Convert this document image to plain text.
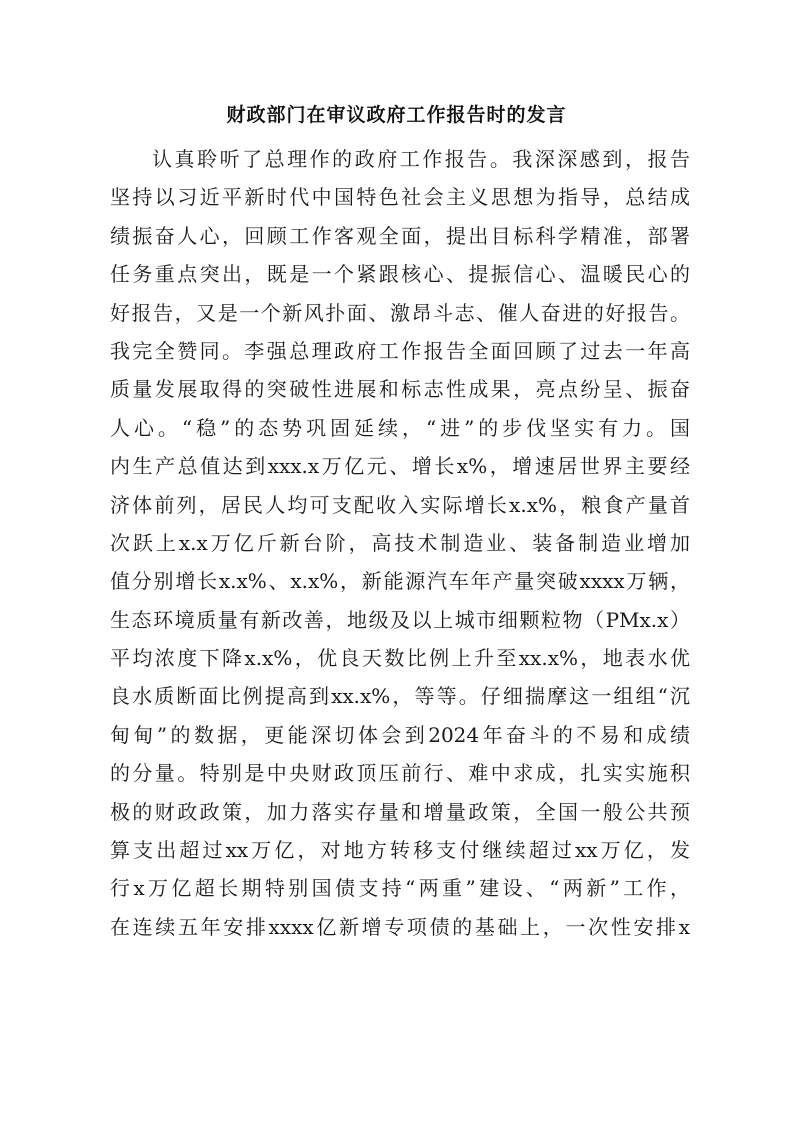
财政部门在审议政府工作报告时的发言
认真聆听了总理作的政府工作报告。我深深感到，报告
坚持以习近平新时代中国特色社会主义思想为指导，总结成
绩振奋人心，回顾工作客观全面，提出目标科学精准，部署
任务重点突出，既是一个紧跟核心、提振信心、温暖民心的
好报告，又是一个新风扑面、激昂斗志、催人奋进的好报告。
我完全赞同。李强总理政府工作报告全面回顾了过去一年高
质量发展取得的突破性进展和标志性成果，亮点纷呈、振奋
人心。“稳”的态势巩固延续，“进”的步伐坚实有力。国
内生产总值达到xxx.x万亿元、增长x%，增速居世界主要经
济体前列，居民人均可支配收入实际增长x.x%，粮食产量首
次跃上x.x万亿斤新台阶，高技术制造业、装备制造业增加
值分别增长x.x%、x.x%，新能源汽车年产量突破xxxx万辆，
生态环境质量有新改善，地级及以上城市细颗粒物（PMx.x）
平均浓度下降x.x%，优良天数比例上升至xx.x%，地表水优
良水质断面比例提高到xx.x%，等等。仔细揣摩这一组组“沉
甸甸”的数据，更能深切体会到2024年奋斗的不易和成绩
的分量。特别是中央财政顶压前行、难中求成，扎实实施积
极的财政政策，加力落实存量和增量政策，全国一般公共预
算支出超过xx万亿，对地方转移支付继续超过xx万亿，发
行x万亿超长期特别国债支持“两重”建设、“两新”工作，
在连续五年安排xxxx亿新增专项债的基础上，一次性安排x
